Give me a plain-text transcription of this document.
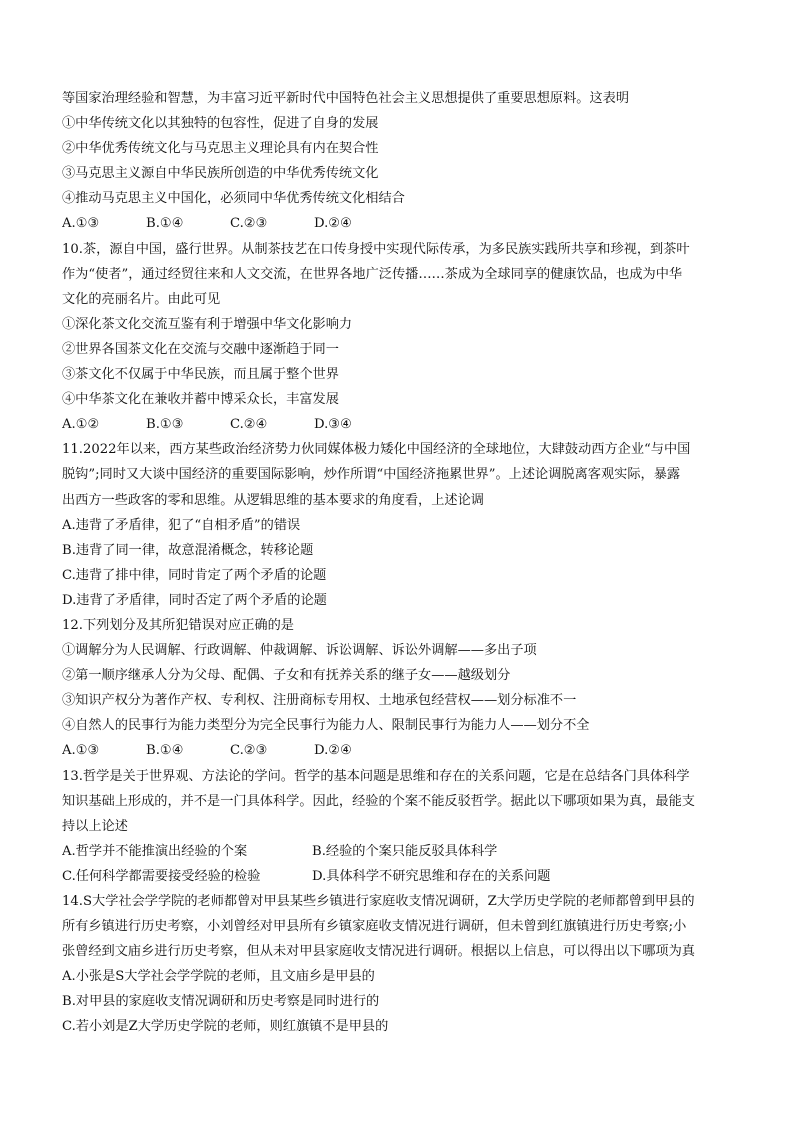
等国家治理经验和智慧，为丰富习近平新时代中国特色社会主义思想提供了重要思想原料。这表明
①中华传统文化以其独特的包容性，促进了自身的发展
②中华优秀传统文化与马克思主义理论具有内在契合性
③马克思主义源自中华民族所创造的中华优秀传统文化
④推动马克思主义中国化，必须同中华优秀传统文化相结合
A.①③	B.①④	C.②③	D.②④
10.茶，源自中国，盛行世界。从制茶技艺在口传身授中实现代际传承，为多民族实践所共享和珍视，到茶叶
作为“使者”，通过经贸往来和人文交流，在世界各地广泛传播……茶成为全球同享的健康饮品，也成为中华
文化的亮丽名片。由此可见
①深化茶文化交流互鉴有利于增强中华文化影响力
②世界各国茶文化在交流与交融中逐渐趋于同一
③茶文化不仅属于中华民族，而且属于整个世界
④中华茶文化在兼收并蓄中博采众长，丰富发展
A.①②	B.①③	C.②④	D.③④
11.2022年以来，西方某些政治经济势力伙同媒体极力矮化中国经济的全球地位，大肆鼓动西方企业“与中国
脱钩”;同时又大谈中国经济的重要国际影响，炒作所谓“中国经济拖累世界”。上述论调脱离客观实际，暴露
出西方一些政客的零和思维。从逻辑思维的基本要求的角度看，上述论调
A.违背了矛盾律，犯了“自相矛盾”的错误
B.违背了同一律，故意混淆概念，转移论题
C.违背了排中律，同时肯定了两个矛盾的论题
D.违背了矛盾律，同时否定了两个矛盾的论题
12.下列划分及其所犯错误对应正确的是
①调解分为人民调解、行政调解、仲裁调解、诉讼调解、诉讼外调解——多出子项
②第一顺序继承人分为父母、配偶、子女和有抚养关系的继子女——越级划分
③知识产权分为著作产权、专利权、注册商标专用权、土地承包经营权——划分标准不一
④自然人的民事行为能力类型分为完全民事行为能力人、限制民事行为能力人——划分不全
A.①③	B.①④	C.②③	D.②④
13.哲学是关于世界观、方法论的学问。哲学的基本问题是思维和存在的关系问题，它是在总结各门具体科学
知识基础上形成的，并不是一门具体科学。因此，经验的个案不能反驳哲学。据此以下哪项如果为真，最能支
持以上论述
A.哲学并不能推演出经验的个案	B.经验的个案只能反驳具体科学
C.任何科学都需要接受经验的检验	D.具体科学不研究思维和存在的关系问题
14.S大学社会学学院的老师都曾对甲县某些乡镇进行家庭收支情况调研，Z大学历史学院的老师都曾到甲县的
所有乡镇进行历史考察，小刘曾经对甲县所有乡镇家庭收支情况进行调研，但未曾到红旗镇进行历史考察;小
张曾经到文庙乡进行历史考察，但从未对甲县家庭收支情况进行调研。根据以上信息，可以得出以下哪项为真
A.小张是S大学社会学学院的老师，且文庙乡是甲县的
B.对甲县的家庭收支情况调研和历史考察是同时进行的
C.若小刘是Z大学历史学院的老师，则红旗镇不是甲县的
